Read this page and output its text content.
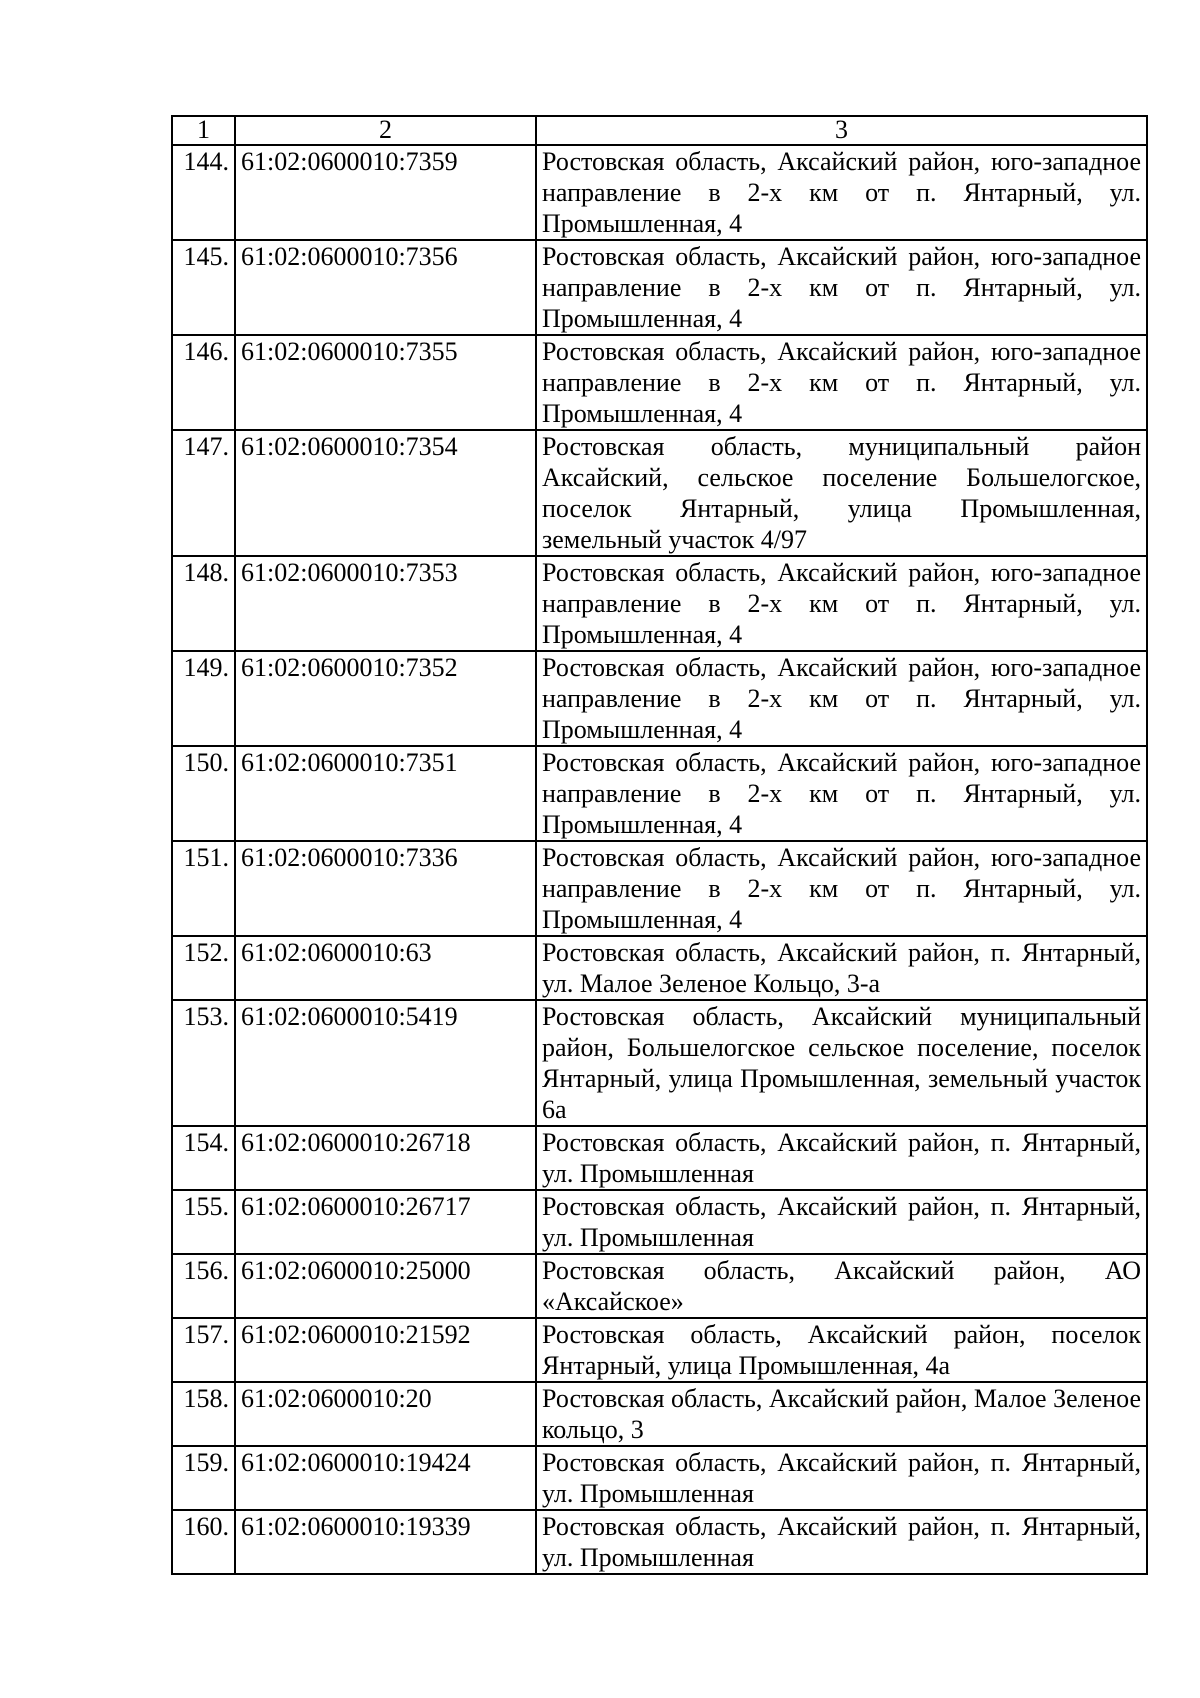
1	2	3
144.	61:02:0600010:7359	Ростовская область, Аксайский район, юго-западное направление в 2-х км от п. Янтарный, ул. Промышленная, 4
145.	61:02:0600010:7356	Ростовская область, Аксайский район, юго-западное направление в 2-х км от п. Янтарный, ул. Промышленная, 4
146.	61:02:0600010:7355	Ростовская область, Аксайский район, юго-западное направление в 2-х км от п. Янтарный, ул. Промышленная, 4
147.	61:02:0600010:7354	Ростовская область, муниципальный район Аксайский, сельское поселение Большелогское, поселок Янтарный, улица Промышленная, земельный участок 4/97
148.	61:02:0600010:7353	Ростовская область, Аксайский район, юго-западное направление в 2-х км от п. Янтарный, ул. Промышленная, 4
149.	61:02:0600010:7352	Ростовская область, Аксайский район, юго-западное направление в 2-х км от п. Янтарный, ул. Промышленная, 4
150.	61:02:0600010:7351	Ростовская область, Аксайский район, юго-западное направление в 2-х км от п. Янтарный, ул. Промышленная, 4
151.	61:02:0600010:7336	Ростовская область, Аксайский район, юго-западное направление в 2-х км от п. Янтарный, ул. Промышленная, 4
152.	61:02:0600010:63	Ростовская область, Аксайский район, п. Янтарный, ул. Малое Зеленое Кольцо, 3-а
153.	61:02:0600010:5419	Ростовская область, Аксайский муниципальный район, Большелогское сельское поселение, поселок Янтарный, улица Промышленная, земельный участок 6а
154.	61:02:0600010:26718	Ростовская область, Аксайский район, п. Янтарный, ул. Промышленная
155.	61:02:0600010:26717	Ростовская область, Аксайский район, п. Янтарный, ул. Промышленная
156.	61:02:0600010:25000	Ростовская область, Аксайский район, АО «Аксайское»
157.	61:02:0600010:21592	Ростовская область, Аксайский район, поселок Янтарный, улица Промышленная, 4а
158.	61:02:0600010:20	Ростовская область, Аксайский район, Малое Зеленое кольцо, 3
159.	61:02:0600010:19424	Ростовская область, Аксайский район, п. Янтарный, ул. Промышленная
160.	61:02:0600010:19339	Ростовская область, Аксайский район, п. Янтарный, ул. Промышленная
